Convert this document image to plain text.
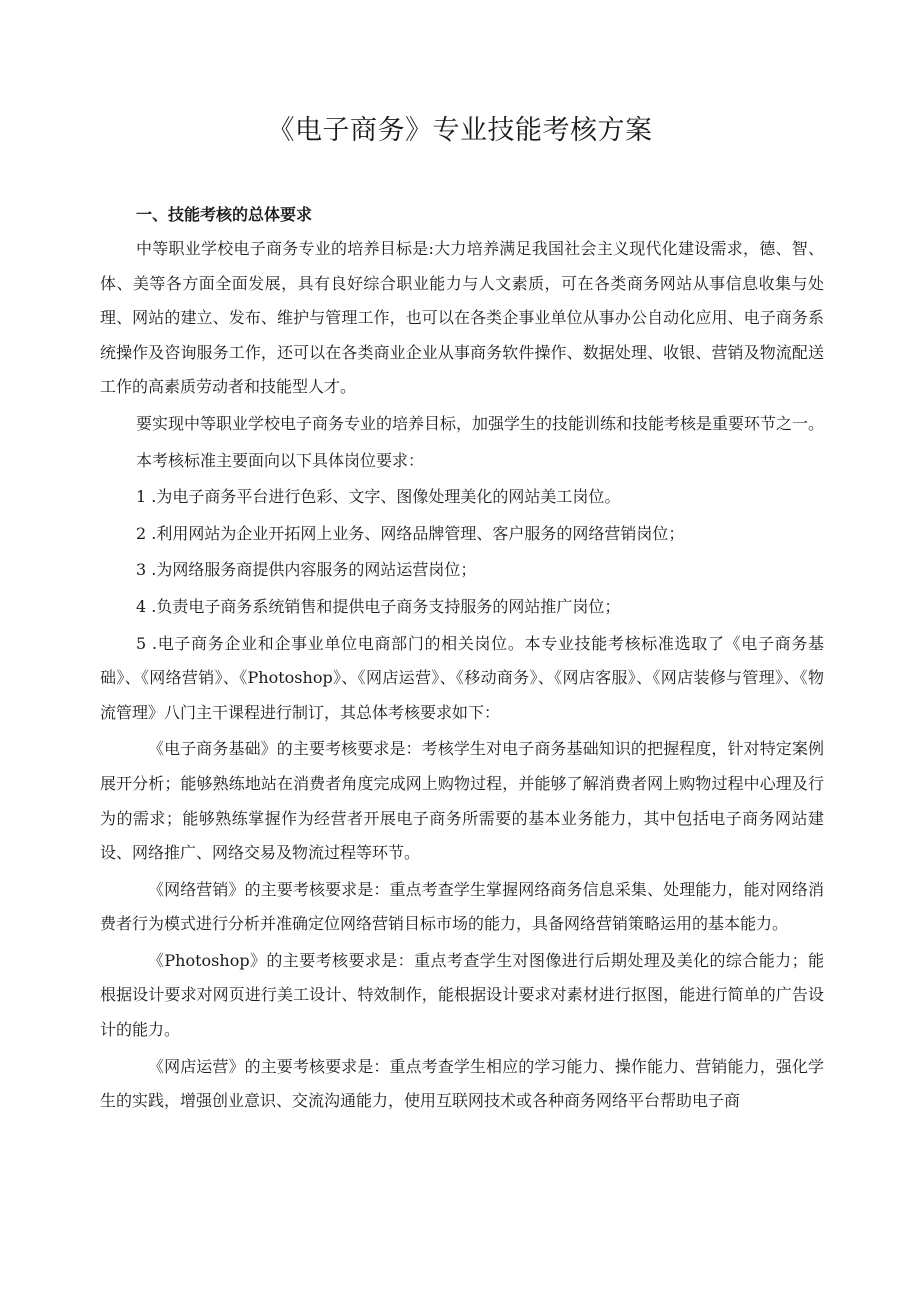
《电子商务》专业技能考核方案
一、技能考核的总体要求

中等职业学校电子商务专业的培养目标是:大力培养满足我国社会主义现代化建设需求，德、智、体、美等各方面全面发展，具有良好综合职业能力与人文素质，可在各类商务网站从事信息收集与处理、网站的建立、发布、维护与管理工作，也可以在各类企事业单位从事办公自动化应用、电子商务系统操作及咨询服务工作，还可以在各类商业企业从事商务软件操作、数据处理、收银、营销及物流配送工作的高素质劳动者和技能型人才。

要实现中等职业学校电子商务专业的培养目标，加强学生的技能训练和技能考核是重要环节之一。

本考核标准主要面向以下具体岗位要求：

1 .为电子商务平台进行色彩、文字、图像处理美化的网站美工岗位。

2 .利用网站为企业开拓网上业务、网络品牌管理、客户服务的网络营销岗位；

3 .为网络服务商提供内容服务的网站运营岗位；

4 .负责电子商务系统销售和提供电子商务支持服务的网站推广岗位；

5 .电子商务企业和企事业单位电商部门的相关岗位。本专业技能考核标准选取了《电子商务基础》、《网络营销》、《Photoshop》、《网店运营》、《移动商务》、《网店客服》、《网店装修与管理》、《物流管理》八门主干课程进行制订，其总体考核要求如下：

《电子商务基础》的主要考核要求是：考核学生对电子商务基础知识的把握程度，针对特定案例展开分析；能够熟练地站在消费者角度完成网上购物过程，并能够了解消费者网上购物过程中心理及行为的需求；能够熟练掌握作为经营者开展电子商务所需要的基本业务能力，其中包括电子商务网站建设、网络推广、网络交易及物流过程等环节。

《网络营销》的主要考核要求是：重点考查学生掌握网络商务信息采集、处理能力，能对网络消费者行为模式进行分析并准确定位网络营销目标市场的能力，具备网络营销策略运用的基本能力。

《Photoshop》的主要考核要求是：重点考查学生对图像进行后期处理及美化的综合能力；能根据设计要求对网页进行美工设计、特效制作，能根据设计要求对素材进行抠图，能进行简单的广告设计的能力。

《网店运营》的主要考核要求是：重点考查学生相应的学习能力、操作能力、营销能力，强化学生的实践，增强创业意识、交流沟通能力，使用互联网技术或各种商务网络平台帮助电子商
